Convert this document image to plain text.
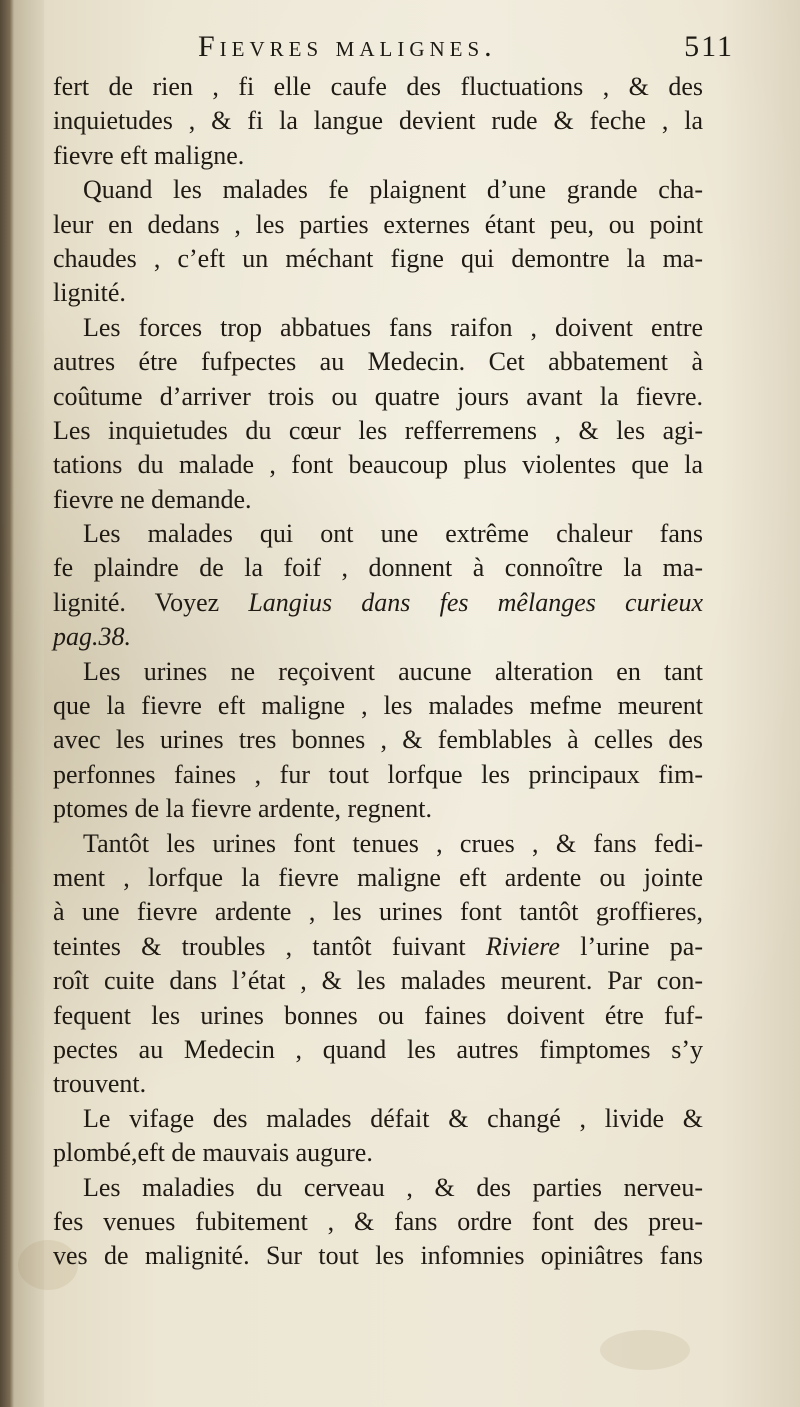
Fievres malignes.	511
fert de rien , fi elle caufe des fluctuations , & des
inquietudes , & fi la langue devient rude & feche , la
fievre eft maligne.
Quand les malades fe plaignent d’une grande cha-
leur en dedans , les parties externes étant peu, ou point
chaudes , c’eft un méchant figne qui demontre la ma-
lignité.
Les forces trop abbatues fans raifon , doivent entre
autres étre fufpectes au Medecin. Cet abbatement à
coûtume d’arriver trois ou quatre jours avant la fievre.
Les inquietudes du cœur les refferremens , & les agi-
tations du malade , font beaucoup plus violentes que la
fievre ne demande.
Les malades qui ont une extrême chaleur fans
fe plaindre de la foif , donnent à connoître la ma-
lignité. Voyez Langius dans fes mêlanges curieux
pag.38.
Les urines ne reçoivent aucune alteration en tant
que la fievre eft maligne , les malades mefme meurent
avec les urines tres bonnes , & femblables à celles des
perfonnes faines , fur tout lorfque les principaux fim-
ptomes de la fievre ardente, regnent.
Tantôt les urines font tenues , crues , & fans fedi-
ment , lorfque la fievre maligne eft ardente ou jointe
à une fievre ardente , les urines font tantôt groffieres,
teintes & troubles , tantôt fuivant Riviere l’urine pa-
roît cuite dans l’état , & les malades meurent. Par con-
fequent les urines bonnes ou faines doivent étre fuf-
pectes au Medecin , quand les autres fimptomes s’y
trouvent.
Le vifage des malades défait & changé , livide &
plombé,eft de mauvais augure.
Les maladies du cerveau , & des parties nerveu-
fes venues fubitement , & fans ordre font des preu-
ves de malignité. Sur tout les infomnies opiniâtres fans
